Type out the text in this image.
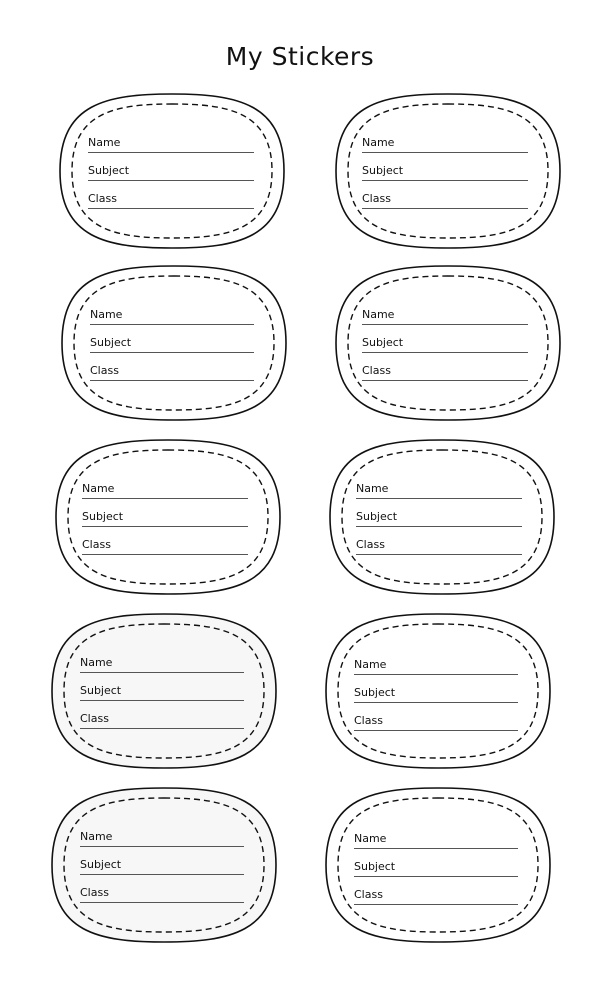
My Stickers
Name
Subject
Class
Name
Subject
Class
Name
Subject
Class
Name
Subject
Class
Name
Subject
Class
Name
Subject
Class
Name
Subject
Class
Name
Subject
Class
Name
Subject
Class
Name
Subject
Class
